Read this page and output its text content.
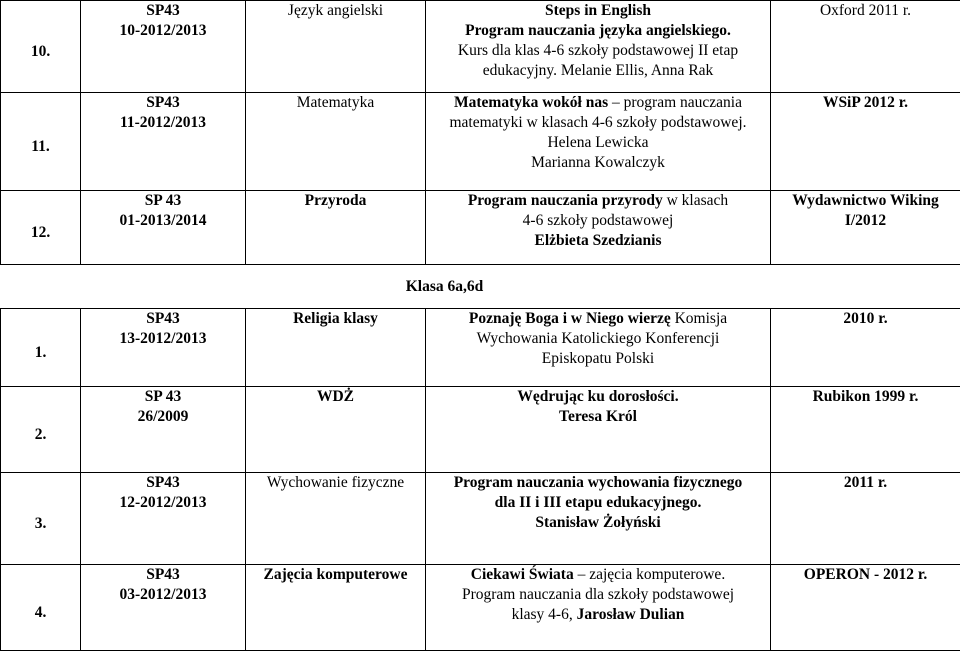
10.	SP43
10-2012/2013	Język angielski	Steps in English
Program nauczania języka angielskiego.
Kurs dla klas 4-6 szkoły podstawowej II etap
edukacyjny. Melanie Ellis, Anna Rak	Oxford 2011 r.
11.	SP43
11-2012/2013	Matematyka	Matematyka wokół nas – program nauczania
matematyki w klasach 4-6 szkoły podstawowej.
Helena Lewicka
Marianna Kowalczyk	WSiP 2012 r.
12.	SP 43
01-2013/2014	Przyroda	Program nauczania przyrody w klasach
4-6 szkoły podstawowej
Elżbieta Szedzianis	Wydawnictwo Wiking
I/2012

Klasa 6a,6d				
1.	SP43
13-2012/2013	Religia klasy	Poznaję Boga i w Niego wierzę Komisja
Wychowania Katolickiego Konferencji
Episkopatu Polski	2010 r.
2.	SP 43
26/2009	WDŻ	Wędrując ku dorosłości.
Teresa Król	Rubikon 1999 r.
3.	SP43
12-2012/2013	Wychowanie fizyczne	Program nauczania wychowania fizycznego
dla II i III etapu edukacyjnego.
Stanisław Żołyński	2011 r.
4.	SP43
03-2012/2013	Zajęcia komputerowe	Ciekawi Świata – zajęcia komputerowe.
Program nauczania dla szkoły podstawowej
klasy 4-6, Jarosław Dulian	OPERON - 2012 r.
